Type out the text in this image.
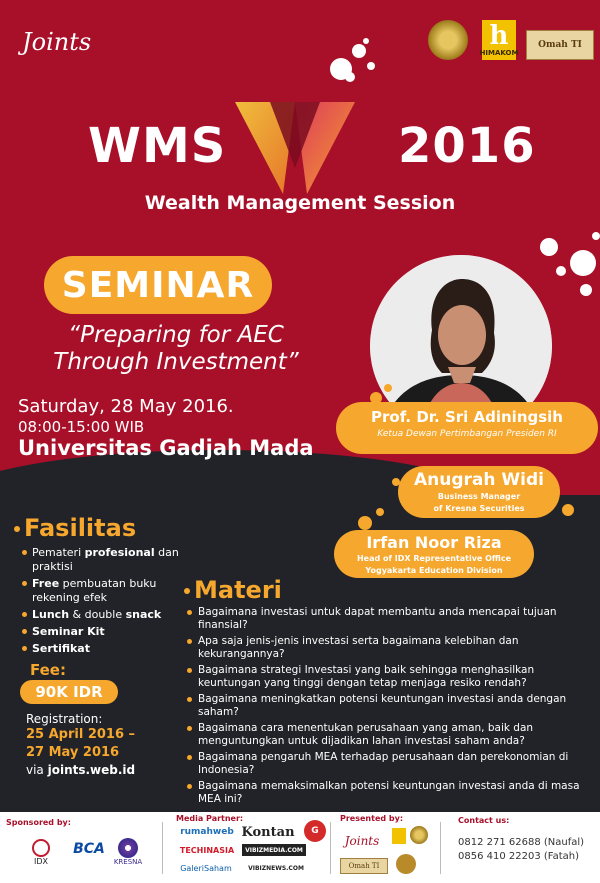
Joints	h
HIMAKOM
Omah TI
WMS	2016
Wealth Management Session
SEMINAR
“Preparing for AEC
Through Investment”
Saturday, 28 May 2016.
08:00-15:00 WIB
Universitas Gadjah Mada
Prof. Dr. Sri Adiningsih
Ketua Dewan Pertimbangan Presiden RI
Anugrah Widi
Business Manager
of Kresna Securities
Irfan Noor Riza
Head of IDX Representative Office
Yogyakarta Education Division
Fasilitas
Pemateri profesional dan praktisi
Free pembuatan buku rekening efek
Lunch & double snack
Seminar Kit
Sertifikat
Fee:
90K IDR
Registration:
25 April 2016 –
27 May 2016
via joints.web.id
Materi
Bagaimana investasi untuk dapat membantu anda mencapai tujuan finansial?
Apa saja jenis-jenis investasi serta bagaimana kelebihan dan kekurangannya?
Bagaimana strategi Investasi yang baik sehingga menghasilkan keuntungan yang tinggi dengan tetap menjaga resiko rendah?
Bagaimana meningkatkan potensi keuntungan investasi anda dengan saham?
Bagaimana cara menentukan perusahaan yang aman, baik dan menguntungkan untuk dijadikan lahan investasi saham anda?
Bagaimana pengaruh MEA terhadap perusahaan dan perekonomian di Indonesia?
Bagaimana memaksimalkan potensi keuntungan investasi anda di masa MEA ini?
Sponsored by:
IDX
BCA
KRESNA
Media Partner:
rumahweb Kontan	G
TECHINASIA	VIBIZMEDIA.COM
GaleriSaham	VIBIZNEWS.COM
Presented by:
Joints
Omah TI
Contact us:
0812 271 62688 (Naufal)
0856 410 22203 (Fatah)
